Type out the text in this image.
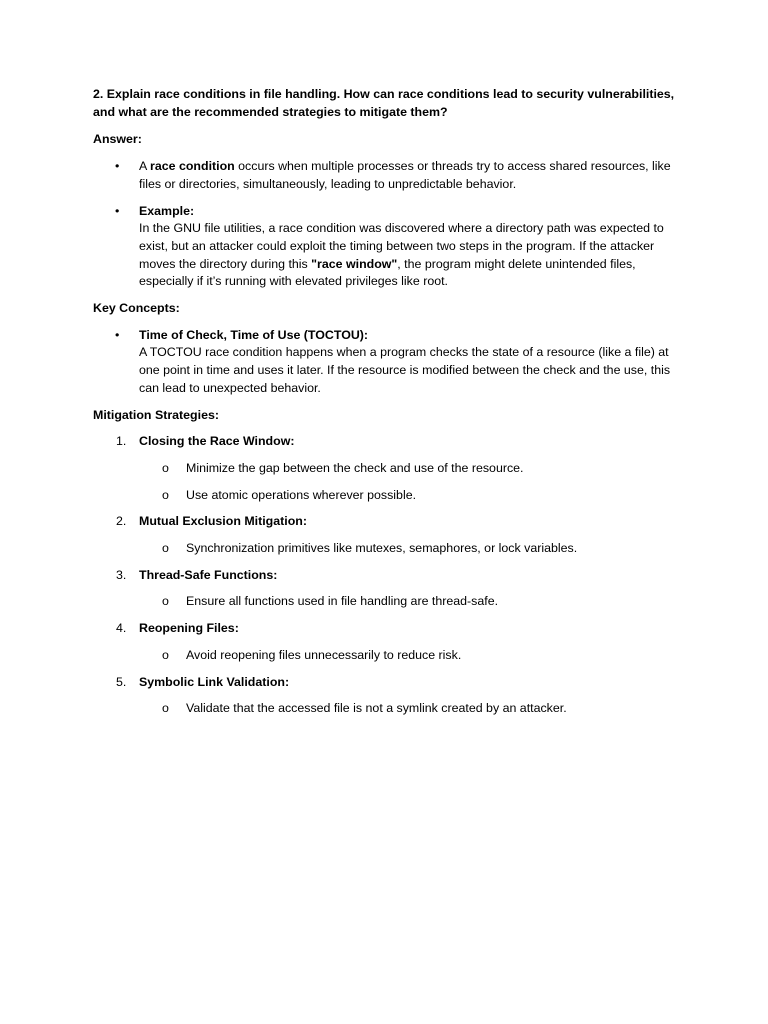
2. Explain race conditions in file handling. How can race conditions lead to security vulnerabilities, and what are the recommended strategies to mitigate them?

Answer:

• A race condition occurs when multiple processes or threads try to access shared resources, like files or directories, simultaneously, leading to unpredictable behavior.
• Example:
In the GNU file utilities, a race condition was discovered where a directory path was expected to exist, but an attacker could exploit the timing between two steps in the program. If the attacker moves the directory during this "race window", the program might delete unintended files, especially if it’s running with elevated privileges like root.

Key Concepts:

• Time of Check, Time of Use (TOCTOU):
A TOCTOU race condition happens when a program checks the state of a resource (like a file) at one point in time and uses it later. If the resource is modified between the check and the use, this can lead to unexpected behavior.

Mitigation Strategies:

1. Closing the Race Window:
o Minimize the gap between the check and use of the resource.
o Use atomic operations wherever possible.
2. Mutual Exclusion Mitigation:
o Synchronization primitives like mutexes, semaphores, or lock variables.
3. Thread-Safe Functions:
o Ensure all functions used in file handling are thread-safe.
4. Reopening Files:
o Avoid reopening files unnecessarily to reduce risk.
5. Symbolic Link Validation:
o Validate that the accessed file is not a symlink created by an attacker.
